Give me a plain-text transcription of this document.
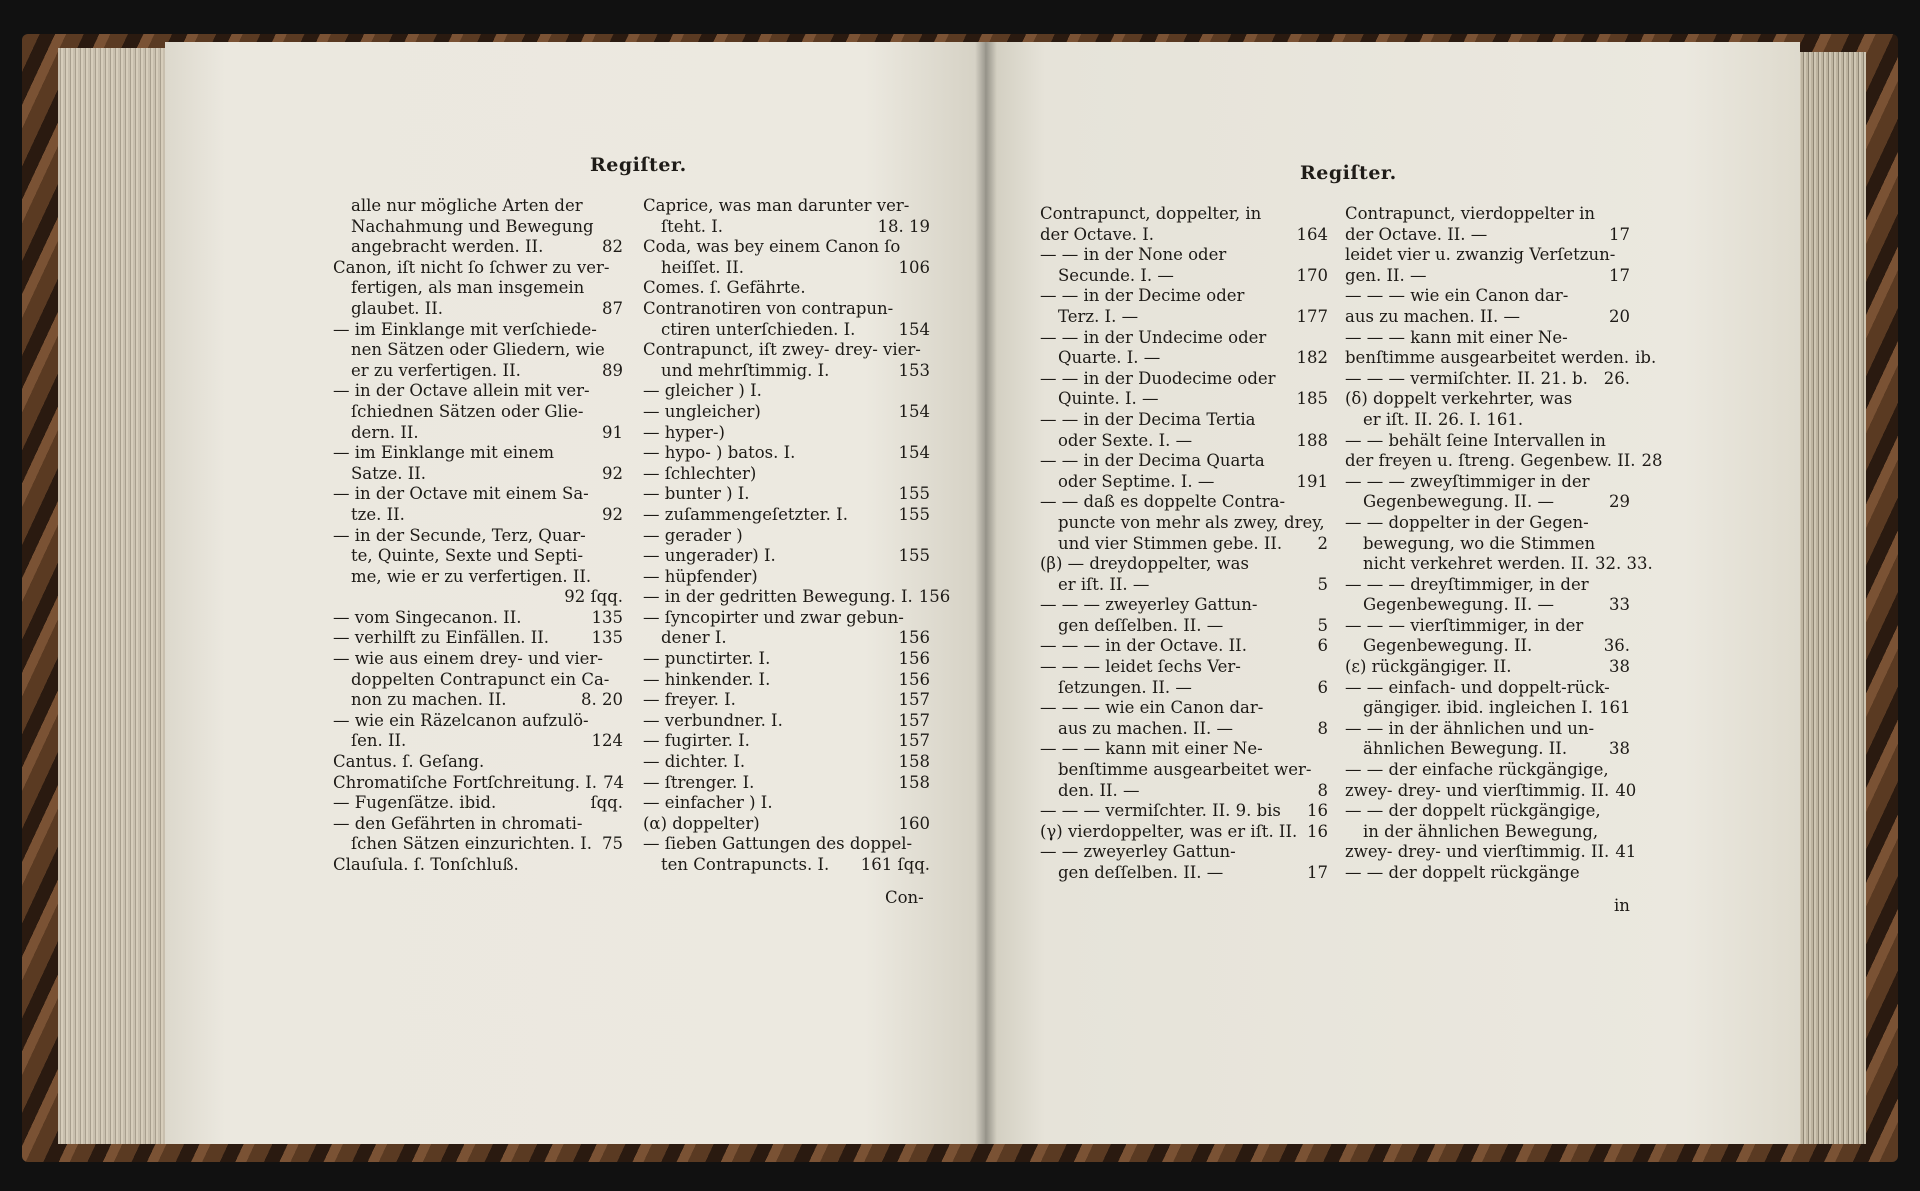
Regiſter.
alle nur mögliche Arten der
Nachahmung und Bewegung
angebracht werden. II.	82
Canon, iſt nicht ſo ſchwer zu ver-
fertigen, als man insgemein
glaubet. II.	87
— im Einklange mit verſchiede-
nen Sätzen oder Gliedern, wie
er zu verfertigen. II.	89
— in der Octave allein mit ver-
ſchiednen Sätzen oder Glie-
dern. II.	91
— im Einklange mit einem
Satze. II.	92
— in der Octave mit einem Sa-
tze. II.	92
— in der Secunde, Terz, Quar-
te, Quinte, Sexte und Septi-
me, wie er zu verfertigen. II.
92 ſqq.
— vom Singecanon. II.	135
— verhilft zu Einfällen. II.	135
— wie aus einem drey- und vier-
doppelten Contrapunct ein Ca-
non zu machen. II.	8. 20
— wie ein Räzelcanon aufzulö-
ſen. II.	124
Cantus. ſ. Geſang.
Chromatiſche Fortſchreitung. I. 74
— Fugenſätze. ibid.	ſqq.
— den Gefährten in chromati-
ſchen Sätzen einzurichten. I. 75
Clauſula. ſ. Tonſchluß.
Caprice, was man darunter ver-
ſteht. I.	18. 19
Coda, was bey einem Canon ſo
heiſſet. II.	106
Comes. ſ. Gefährte.
Contranotiren von contrapun-
ctiren unterſchieden. I.	154
Contrapunct, iſt zwey- drey- vier-
und mehrſtimmig. I.	153
— gleicher ) I.
— ungleicher)	154
— hyper-)
— hypo- ) batos. I.	154
— ſchlechter)
— bunter ) I.	155
— zuſammengeſetzter. I.	155
— gerader )
— ungerader) I.	155
— hüpfender)
— in der gedritten Bewegung. I. 156
— ſyncopirter und zwar gebun-
dener I.	156
— punctirter. I.	156
— hinkender. I.	156
— freyer. I.	157
— verbundner. I.	157
— fugirter. I.	157
— dichter. I.	158
— ſtrenger. I.	158
— einfacher ) I.
(α) doppelter)	160
— ſieben Gattungen des doppel-
ten Contrapuncts. I.	161 ſqq.
Con-
Regiſter.
Contrapunct, doppelter, in
der Octave. I.	164
— — in der None oder
Secunde. I. —	170
— — in der Decime oder
Terz. I. —	177
— — in der Undecime oder
Quarte. I. —	182
— — in der Duodecime oder
Quinte. I. —	185
— — in der Decima Tertia
oder Sexte. I. —	188
— — in der Decima Quarta
oder Septime. I. —	191
— — daß es doppelte Contra-
puncte von mehr als zwey, drey,
und vier Stimmen gebe. II.	2
(β) — dreydoppelter, was
er iſt. II. —	5
— — — zweyerley Gattun-
gen deſſelben. II. —	5
— — — in der Octave. II.	6
— — — leidet ſechs Ver-
ſetzungen. II. —	6
— — — wie ein Canon dar-
aus zu machen. II. —	8
— — — kann mit einer Ne-
benſtimme ausgearbeitet wer-
den. II. —	8
— — — vermiſchter. II. 9. bis	16
(γ) vierdoppelter, was er iſt. II. 16
— — zweyerley Gattun-
gen deſſelben. II. —	17
Contrapunct, vierdoppelter in
der Octave. II. —	17
leidet vier u. zwanzig Verſetzun-
gen. II. —	17
— — — wie ein Canon dar-
aus zu machen. II. —	20
— — — kann mit einer Ne-
benſtimme ausgearbeitet werden. ib.
— — — vermiſchter. II. 21. b. 26.
(δ) doppelt verkehrter, was
er iſt. II. 26. I. 161.
— — behält ſeine Intervallen in
der freyen u. ſtreng. Gegenbew. II. 28
— — — zweyſtimmiger in der
Gegenbewegung. II. —	29
— — doppelter in der Gegen-
bewegung, wo die Stimmen
nicht verkehret werden. II. 32. 33.
— — — dreyſtimmiger, in der
Gegenbewegung. II. —	33
— — — vierſtimmiger, in der
Gegenbewegung. II.	36.
(ε) rückgängiger. II.	38
— — einfach- und doppelt-rück-
gängiger. ibid. ingleichen I. 161
— — in der ähnlichen und un-
ähnlichen Bewegung. II.	38
— — der einfache rückgängige,
zwey- drey- und vierſtimmig. II. 40
— — der doppelt rückgängige,
in der ähnlichen Bewegung,
zwey- drey- und vierſtimmig. II. 41
— — der doppelt rückgänge
in
